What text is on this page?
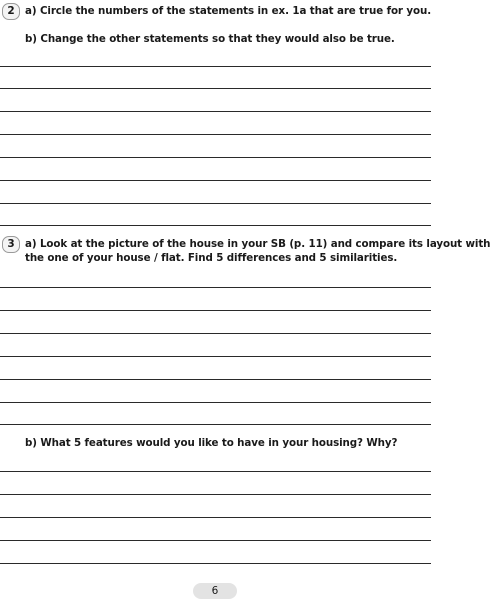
2	a) Circle the numbers of the statements in ex. 1a that are true for you.
b) Change the other statements so that they would also be true.
3	a) Look at the picture of the house in your SB (p. 11) and compare its layout with
the one of your house / flat. Find 5 differences and 5 similarities.
b) What 5 features would you like to have in your housing? Why?
6
